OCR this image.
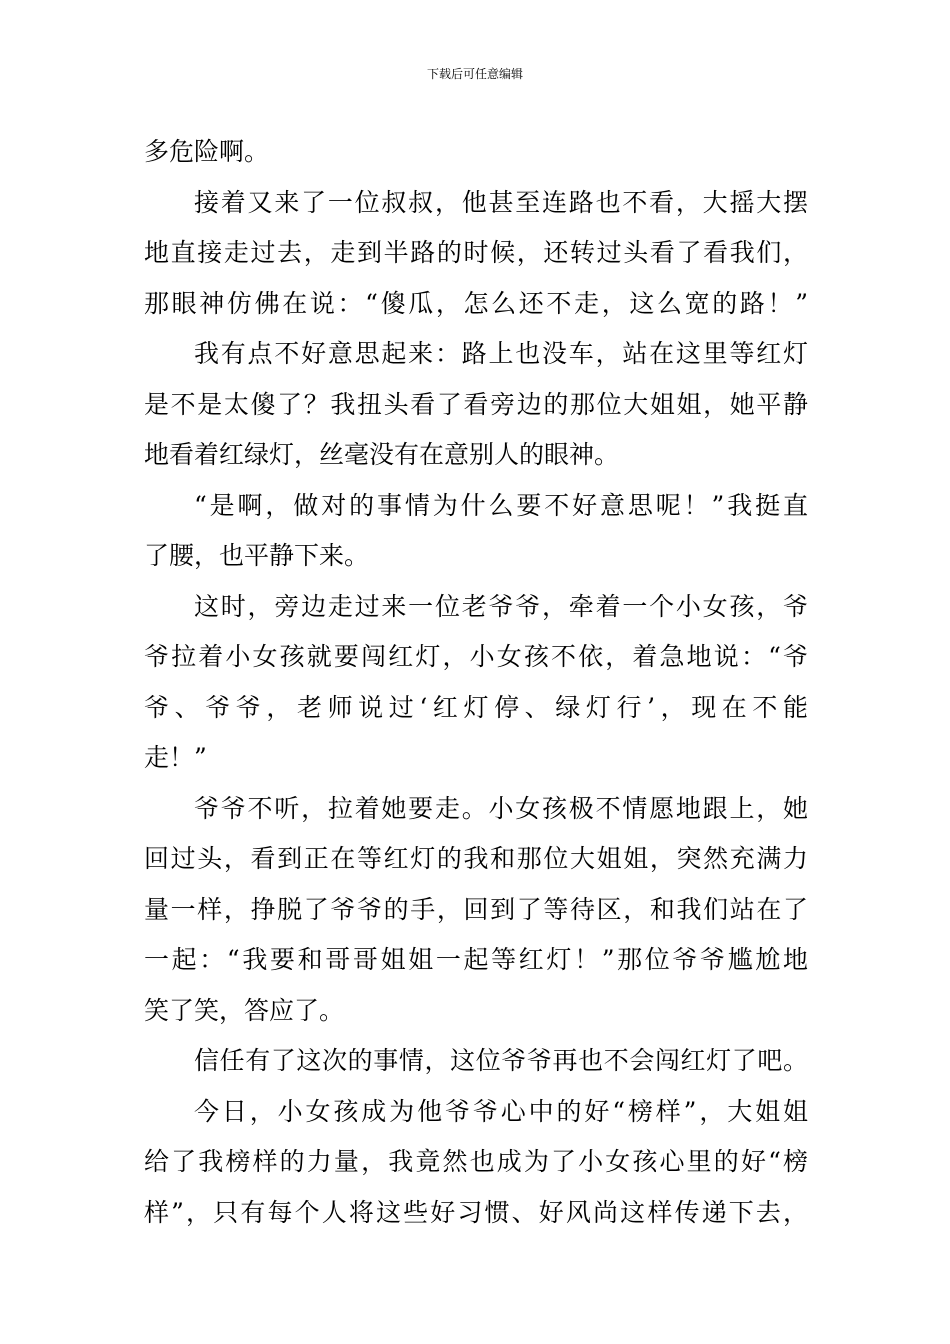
下载后可任意编辑
多危险啊。
接着又来了一位叔叔，他甚至连路也不看，大摇大摆
地直接走过去，走到半路的时候，还转过头看了看我们，
那眼神仿佛在说：“傻瓜，怎么还不走，这么宽的路！”
我有点不好意思起来：路上也没车，站在这里等红灯
是不是太傻了？我扭头看了看旁边的那位大姐姐，她平静
地看着红绿灯，丝毫没有在意别人的眼神。
“是啊，做对的事情为什么要不好意思呢！”我挺直
了腰，也平静下来。
这时，旁边走过来一位老爷爷，牵着一个小女孩，爷
爷拉着小女孩就要闯红灯，小女孩不依，着急地说：“爷
爷、爷爷，老师说过‘红灯停、绿灯行’，现在不能
走！”
爷爷不听，拉着她要走。小女孩极不情愿地跟上，她
回过头，看到正在等红灯的我和那位大姐姐，突然充满力
量一样，挣脱了爷爷的手，回到了等待区，和我们站在了
一起：“我要和哥哥姐姐一起等红灯！”那位爷爷尴尬地
笑了笑，答应了。
信任有了这次的事情，这位爷爷再也不会闯红灯了吧。
今日，小女孩成为他爷爷心中的好“榜样”，大姐姐
给了我榜样的力量，我竟然也成为了小女孩心里的好“榜
样”，只有每个人将这些好习惯、好风尚这样传递下去，
